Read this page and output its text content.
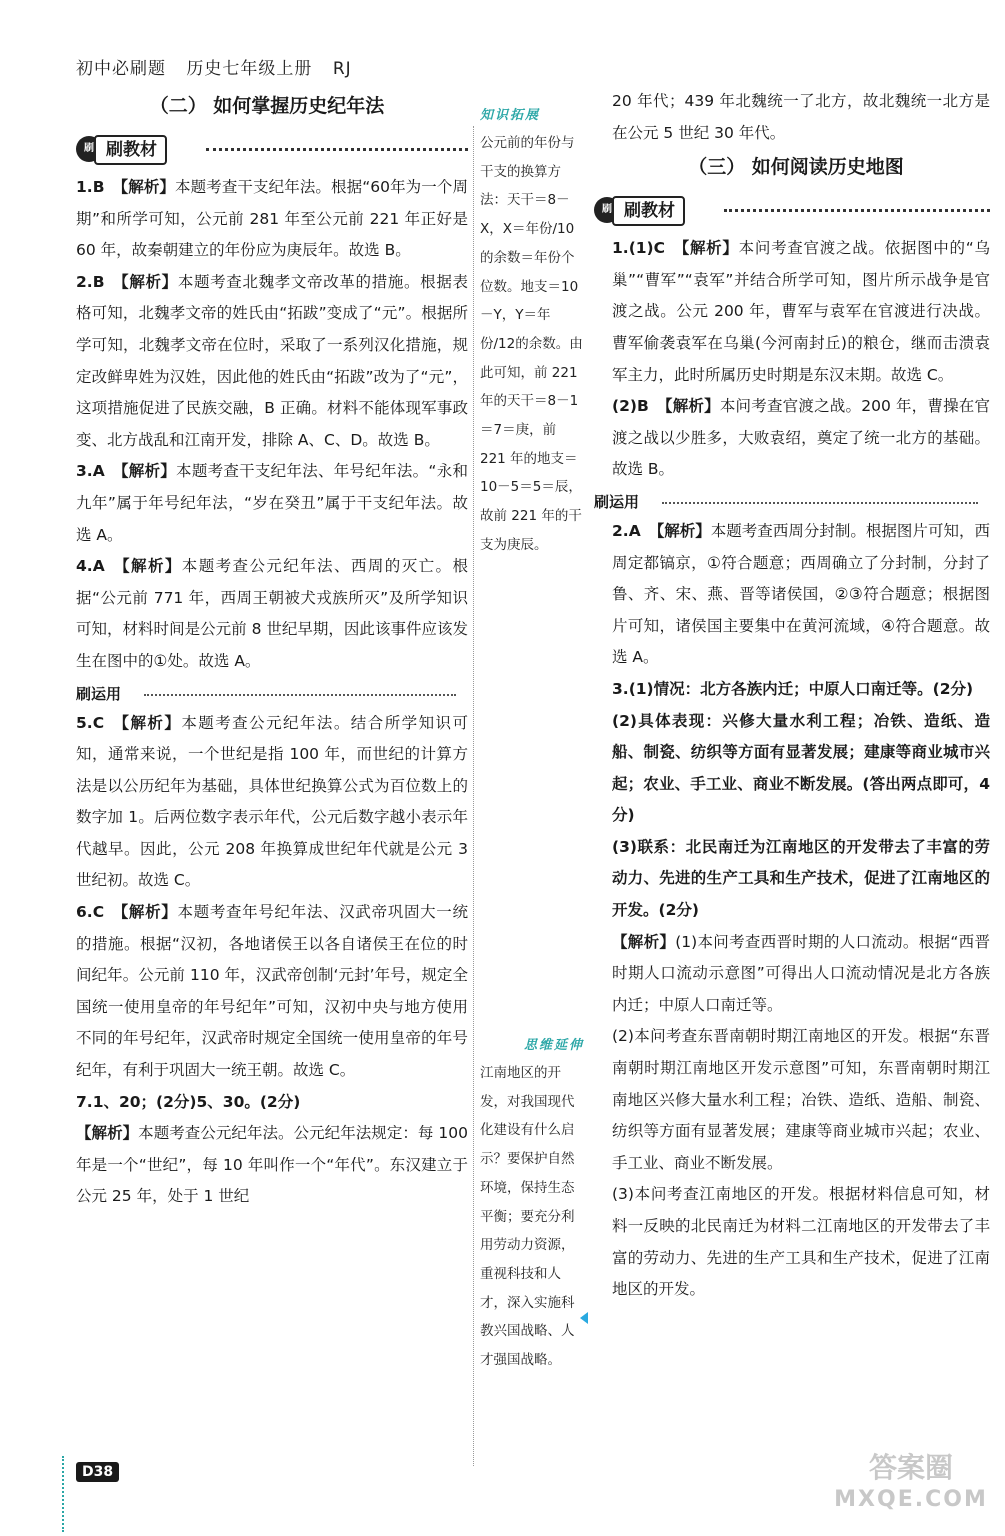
初中必刷题 历史七年级上册 RJ
（二） 如何掌握历史纪年法
刷 刷教材
1.B 【解析】本题考查干支纪年法。根据“60年为一个周期”和所学可知，公元前 281 年至公元前 221 年正好是 60 年，故秦朝建立的年份应为庚辰年。故选 B。
2.B 【解析】本题考查北魏孝文帝改革的措施。根据表格可知，北魏孝文帝的姓氏由“拓跋”变成了“元”。根据所学可知，北魏孝文帝在位时，采取了一系列汉化措施，规定改鲜卑姓为汉姓，因此他的姓氏由“拓跋”改为了“元”，这项措施促进了民族交融，B 正确。材料不能体现军事政变、北方战乱和江南开发，排除 A、C、D。故选 B。
3.A 【解析】本题考查干支纪年法、年号纪年法。“永和九年”属于年号纪年法，“岁在癸丑”属于干支纪年法。故选 A。
4.A 【解析】本题考查公元纪年法、西周的灭亡。根据“公元前 771 年，西周王朝被犬戎族所灭”及所学知识可知，材料时间是公元前 8 世纪早期，因此该事件应该发生在图中的①处。故选 A。
刷运用
5.C 【解析】本题考查公元纪年法。结合所学知识可知，通常来说，一个世纪是指 100 年，而世纪的计算方法是以公历纪年为基础，具体世纪换算公式为百位数上的数字加 1。后两位数字表示年代，公元后数字越小表示年代越早。因此，公元 208 年换算成世纪年代就是公元 3 世纪初。故选 C。
6.C 【解析】本题考查年号纪年法、汉武帝巩固大一统的措施。根据“汉初，各地诸侯王以各自诸侯王在位的时间纪年。公元前 110 年，汉武帝创制‘元封’年号，规定全国统一使用皇帝的年号纪年”可知，汉初中央与地方使用不同的年号纪年，汉武帝时规定全国统一使用皇帝的年号纪年，有利于巩固大一统王朝。故选 C。
7.1、20；(2分)5、30。(2分)
【解析】本题考查公元纪年法。公元纪年法规定：每 100 年是一个“世纪”，每 10 年叫作一个“年代”。东汉建立于公元 25 年，处于 1 世纪
知识拓展
公元前的年份与干支的换算方法：天干＝8－X，X＝年份/10的余数＝年份个位数。地支＝10－Y，Y＝年份/12的余数。由此可知，前 221 年的天干＝8－1＝7＝庚，前 221 年的地支＝10－5＝5＝辰，故前 221 年的干支为庚辰。
思维延伸
江南地区的开发，对我国现代化建设有什么启示？要保护自然环境，保持生态平衡；要充分利用劳动力资源，重视科技和人才，深入实施科教兴国战略、人才强国战略。
20 年代；439 年北魏统一了北方，故北魏统一北方是在公元 5 世纪 30 年代。
（三） 如何阅读历史地图
刷 刷教材
1.(1)C 【解析】本问考查官渡之战。依据图中的“乌巢”“曹军”“袁军”并结合所学可知，图片所示战争是官渡之战。公元 200 年，曹军与袁军在官渡进行决战。曹军偷袭袁军在乌巢(今河南封丘)的粮仓，继而击溃袁军主力，此时所属历史时期是东汉末期。故选 C。
(2)B 【解析】本问考查官渡之战。200 年，曹操在官渡之战以少胜多，大败袁绍，奠定了统一北方的基础。故选 B。
刷运用
2.A 【解析】本题考查西周分封制。根据图片可知，西周定都镐京，①符合题意；西周确立了分封制，分封了鲁、齐、宋、燕、晋等诸侯国，②③符合题意；根据图片可知，诸侯国主要集中在黄河流域，④符合题意。故选 A。
3.(1)情况：北方各族内迁；中原人口南迁等。(2分)
(2)具体表现：兴修大量水利工程；冶铁、造纸、造船、制瓷、纺织等方面有显著发展；建康等商业城市兴起；农业、手工业、商业不断发展。(答出两点即可，4分)
(3)联系：北民南迁为江南地区的开发带去了丰富的劳动力、先进的生产工具和生产技术，促进了江南地区的开发。(2分)
【解析】(1)本问考查西晋时期的人口流动。根据“西晋时期人口流动示意图”可得出人口流动情况是北方各族内迁；中原人口南迁等。
(2)本问考查东晋南朝时期江南地区的开发。根据“东晋南朝时期江南地区开发示意图”可知，东晋南朝时期江南地区兴修大量水利工程；冶铁、造纸、造船、制瓷、纺织等方面有显著发展；建康等商业城市兴起；农业、手工业、商业不断发展。
(3)本问考查江南地区的开发。根据材料信息可知，材料一反映的北民南迁为材料二江南地区的开发带去了丰富的劳动力、先进的生产工具和生产技术，促进了江南地区的开发。
D38	答案圈
MXQE.COM
